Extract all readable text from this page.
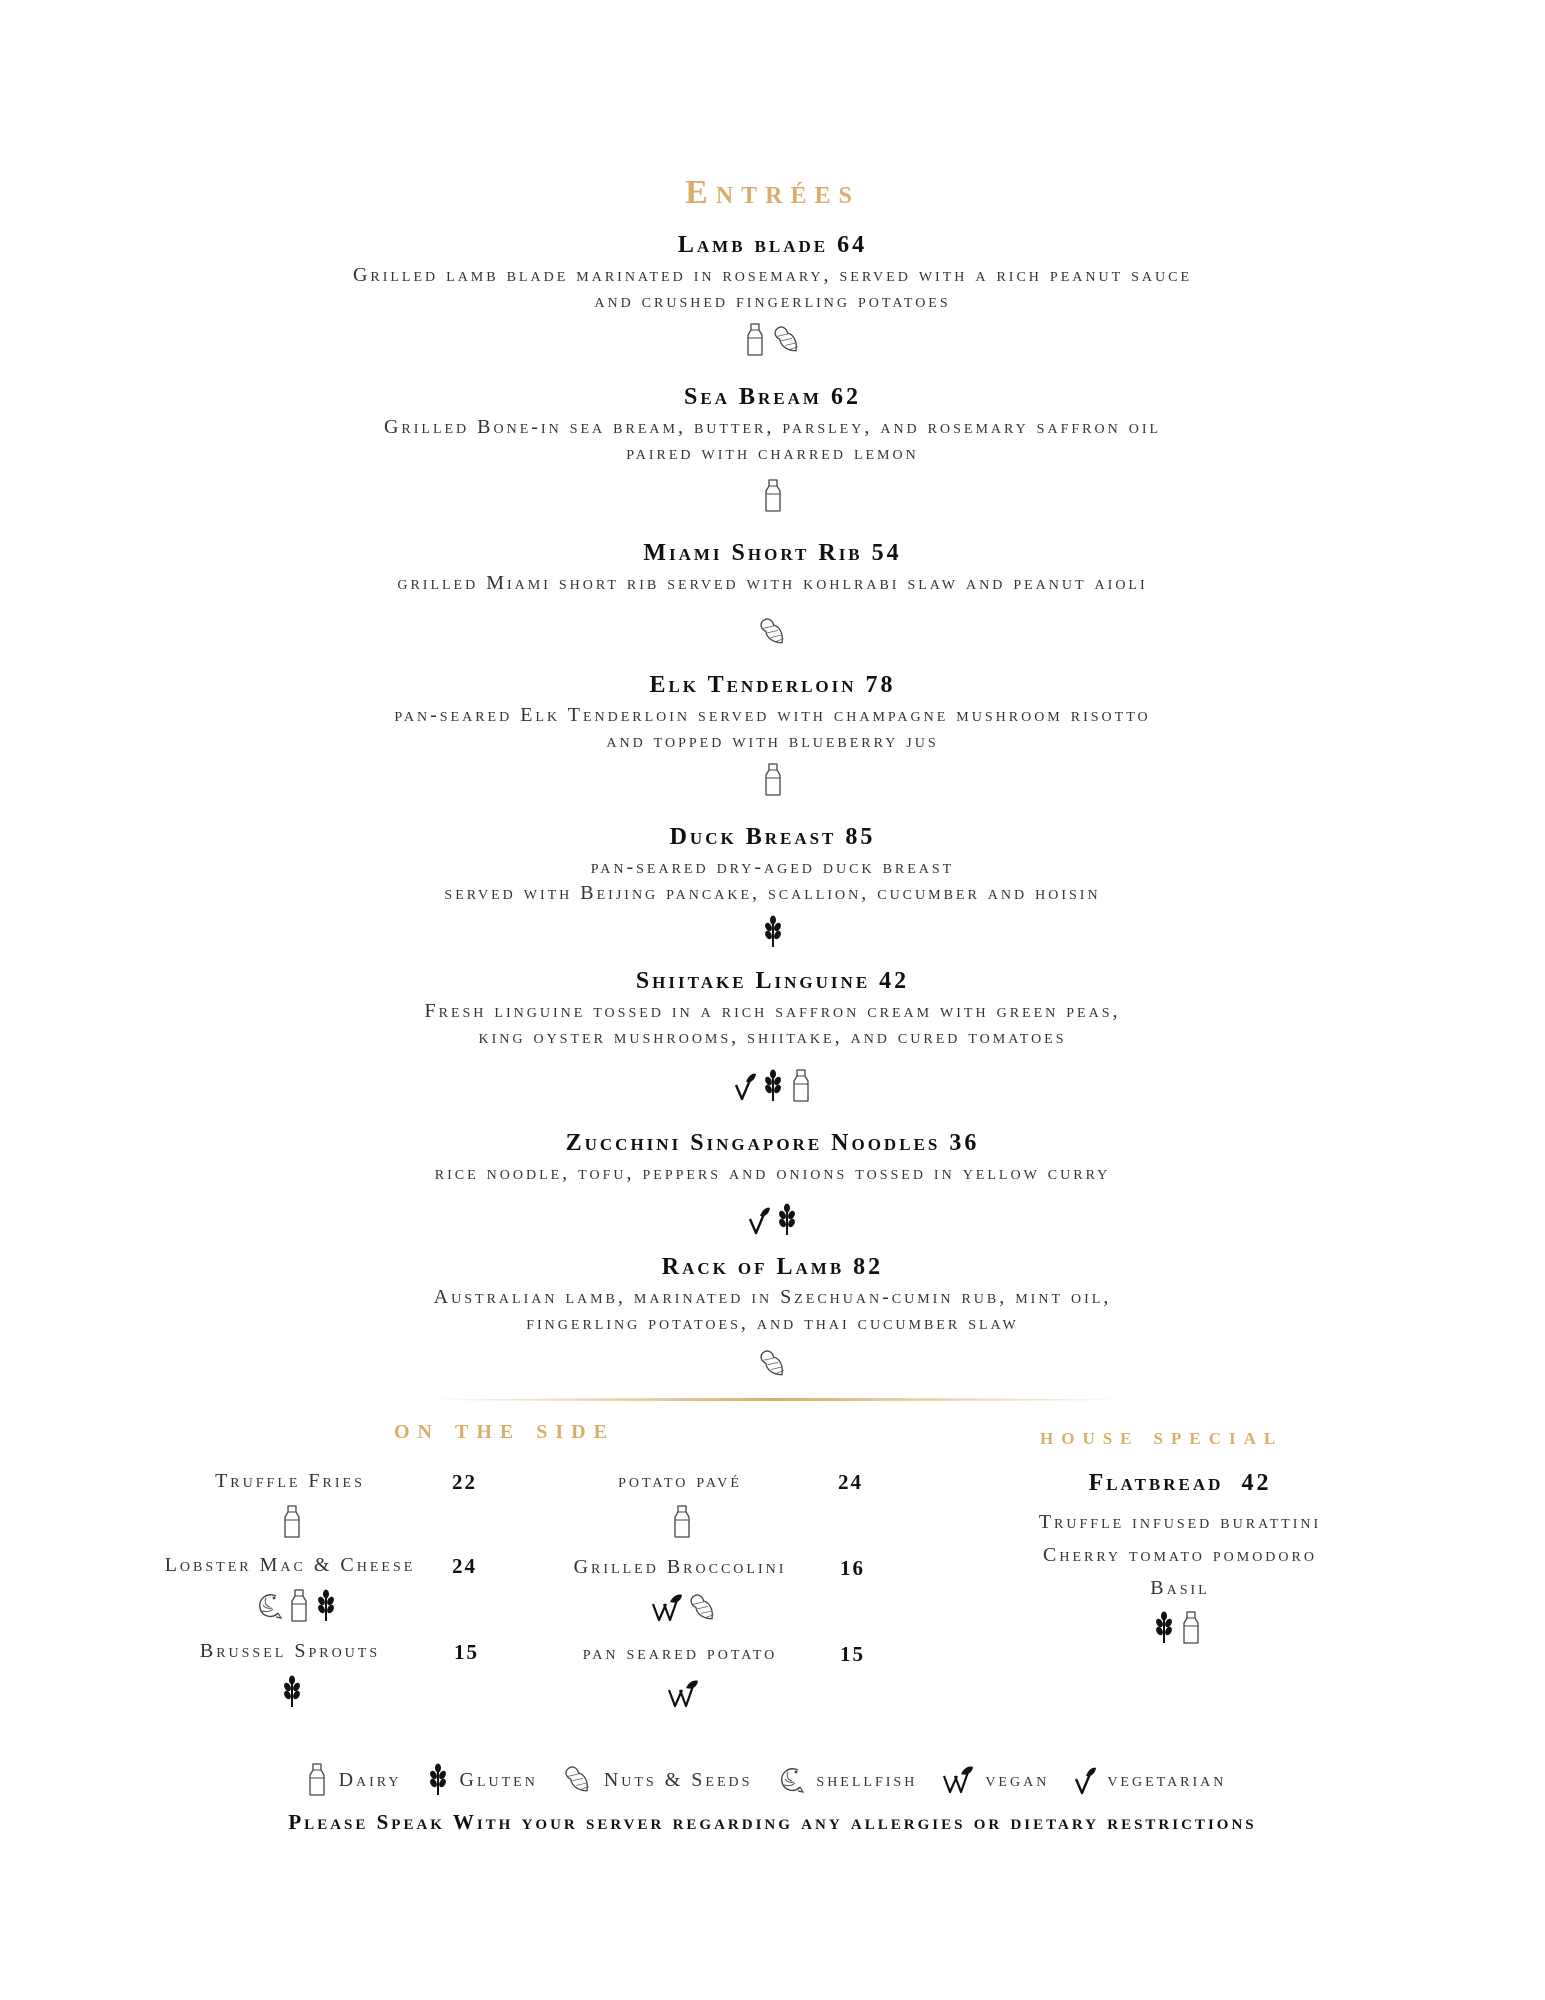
Entrées
Lamb blade 64
Grilled lamb blade marinated in rosemary, served with a rich peanut sauce
and crushed fingerling potatoes
Sea Bream 62
Grilled Bone-in sea bream, butter, parsley, and rosemary saffron oil
paired with charred lemon
Miami Short Rib 54
grilled Miami short rib served with kohlrabi slaw and peanut aioli
Elk Tenderloin 78
pan-seared Elk Tenderloin served with champagne mushroom risotto
and topped with blueberry jus
Duck Breast 85
pan-seared dry-aged duck breast
served with Beijing pancake, scallion, cucumber and hoisin
Shiitake Linguine 42
Fresh linguine tossed in a rich saffron cream with green peas,
king oyster mushrooms, shiitake, and cured tomatoes
Zucchini Singapore Noodles 36
rice noodle, tofu, peppers and onions tossed in yellow curry
Rack of Lamb 82
Australian lamb, marinated in Szechuan-cumin rub, mint oil,
fingerling potatoes, and thai cucumber slaw
on the side
Truffle Fries	22	potato pavé	24
Lobster Mac & Cheese	24	Grilled Broccolini	16
Brussel Sprouts	15	pan seared potato	15
house special
Flatbread 42
Truffle infused burattini
Cherry tomato pomodoro
Basil
Dairy	Gluten	Nuts & Seeds	shellfish	vegan	vegetarian
Please Speak With your server regarding any allergies or dietary restrictions
